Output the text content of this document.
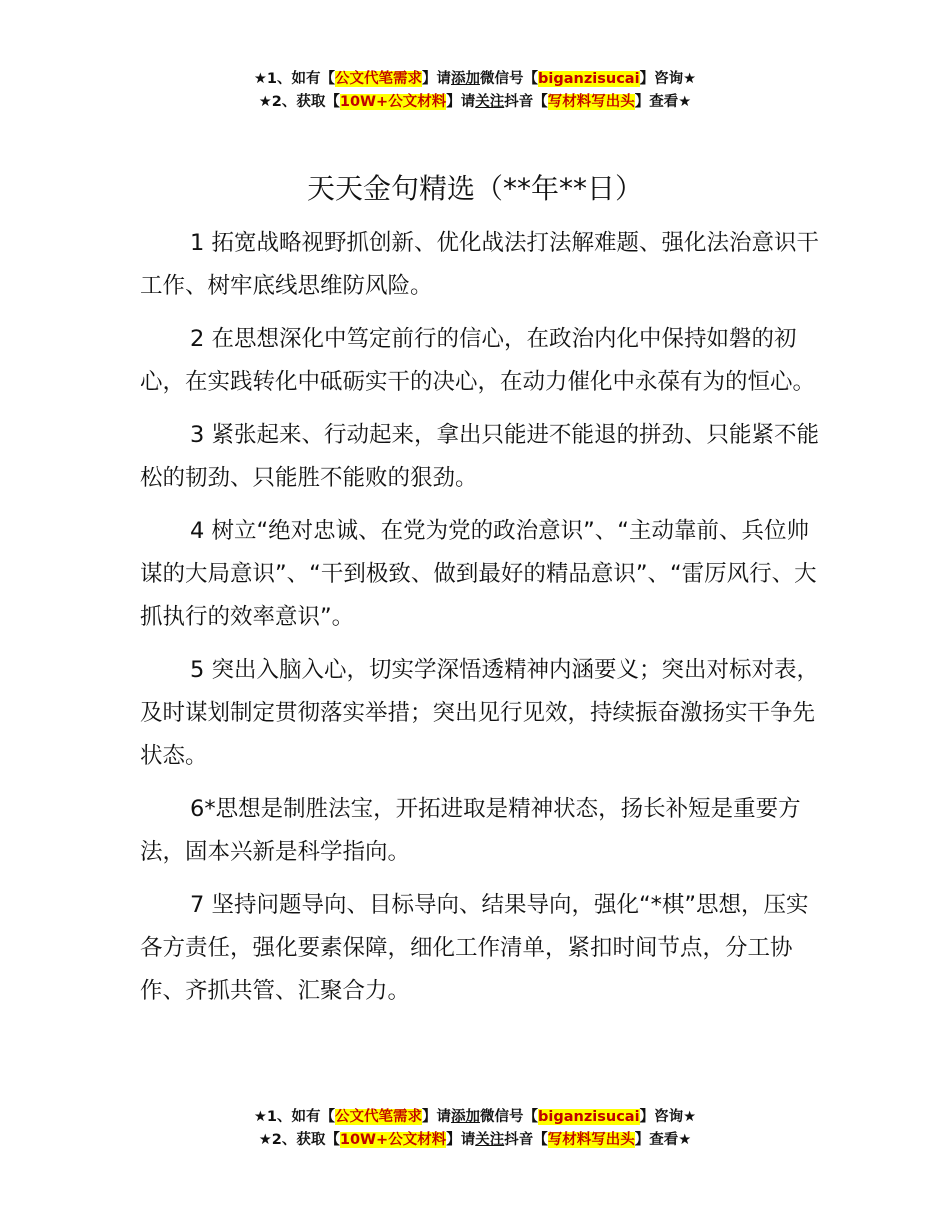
★1、如有【公文代笔需求】请添加微信号【biganzisucai】咨询★
★2、获取【10W+公文材料】请关注抖音【写材料写出头】查看★
天天金句精选（**年**日）

1 拓宽战略视野抓创新、优化战法打法解难题、强化法治意识干工作、树牢底线思维防风险。

2 在思想深化中笃定前行的信心，在政治内化中保持如磐的初心，在实践转化中砥砺实干的决心，在动力催化中永葆有为的恒心。

3 紧张起来、行动起来，拿出只能进不能退的拼劲、只能紧不能松的韧劲、只能胜不能败的狠劲。

4 树立“绝对忠诚、在党为党的政治意识”、“主动靠前、兵位帅谋的大局意识”、“干到极致、做到最好的精品意识”、“雷厉风行、大抓执行的效率意识”。

5 突出入脑入心，切实学深悟透精神内涵要义；突出对标对表，及时谋划制定贯彻落实举措；突出见行见效，持续振奋激扬实干争先状态。

6*思想是制胜法宝，开拓进取是精神状态，扬长补短是重要方法，固本兴新是科学指向。

7 坚持问题导向、目标导向、结果导向，强化“*棋”思想，压实各方责任，强化要素保障，细化工作清单，紧扣时间节点，分工协作、齐抓共管、汇聚合力。

★1、如有【公文代笔需求】请添加微信号【biganzisucai】咨询★
★2、获取【10W+公文材料】请关注抖音【写材料写出头】查看★
